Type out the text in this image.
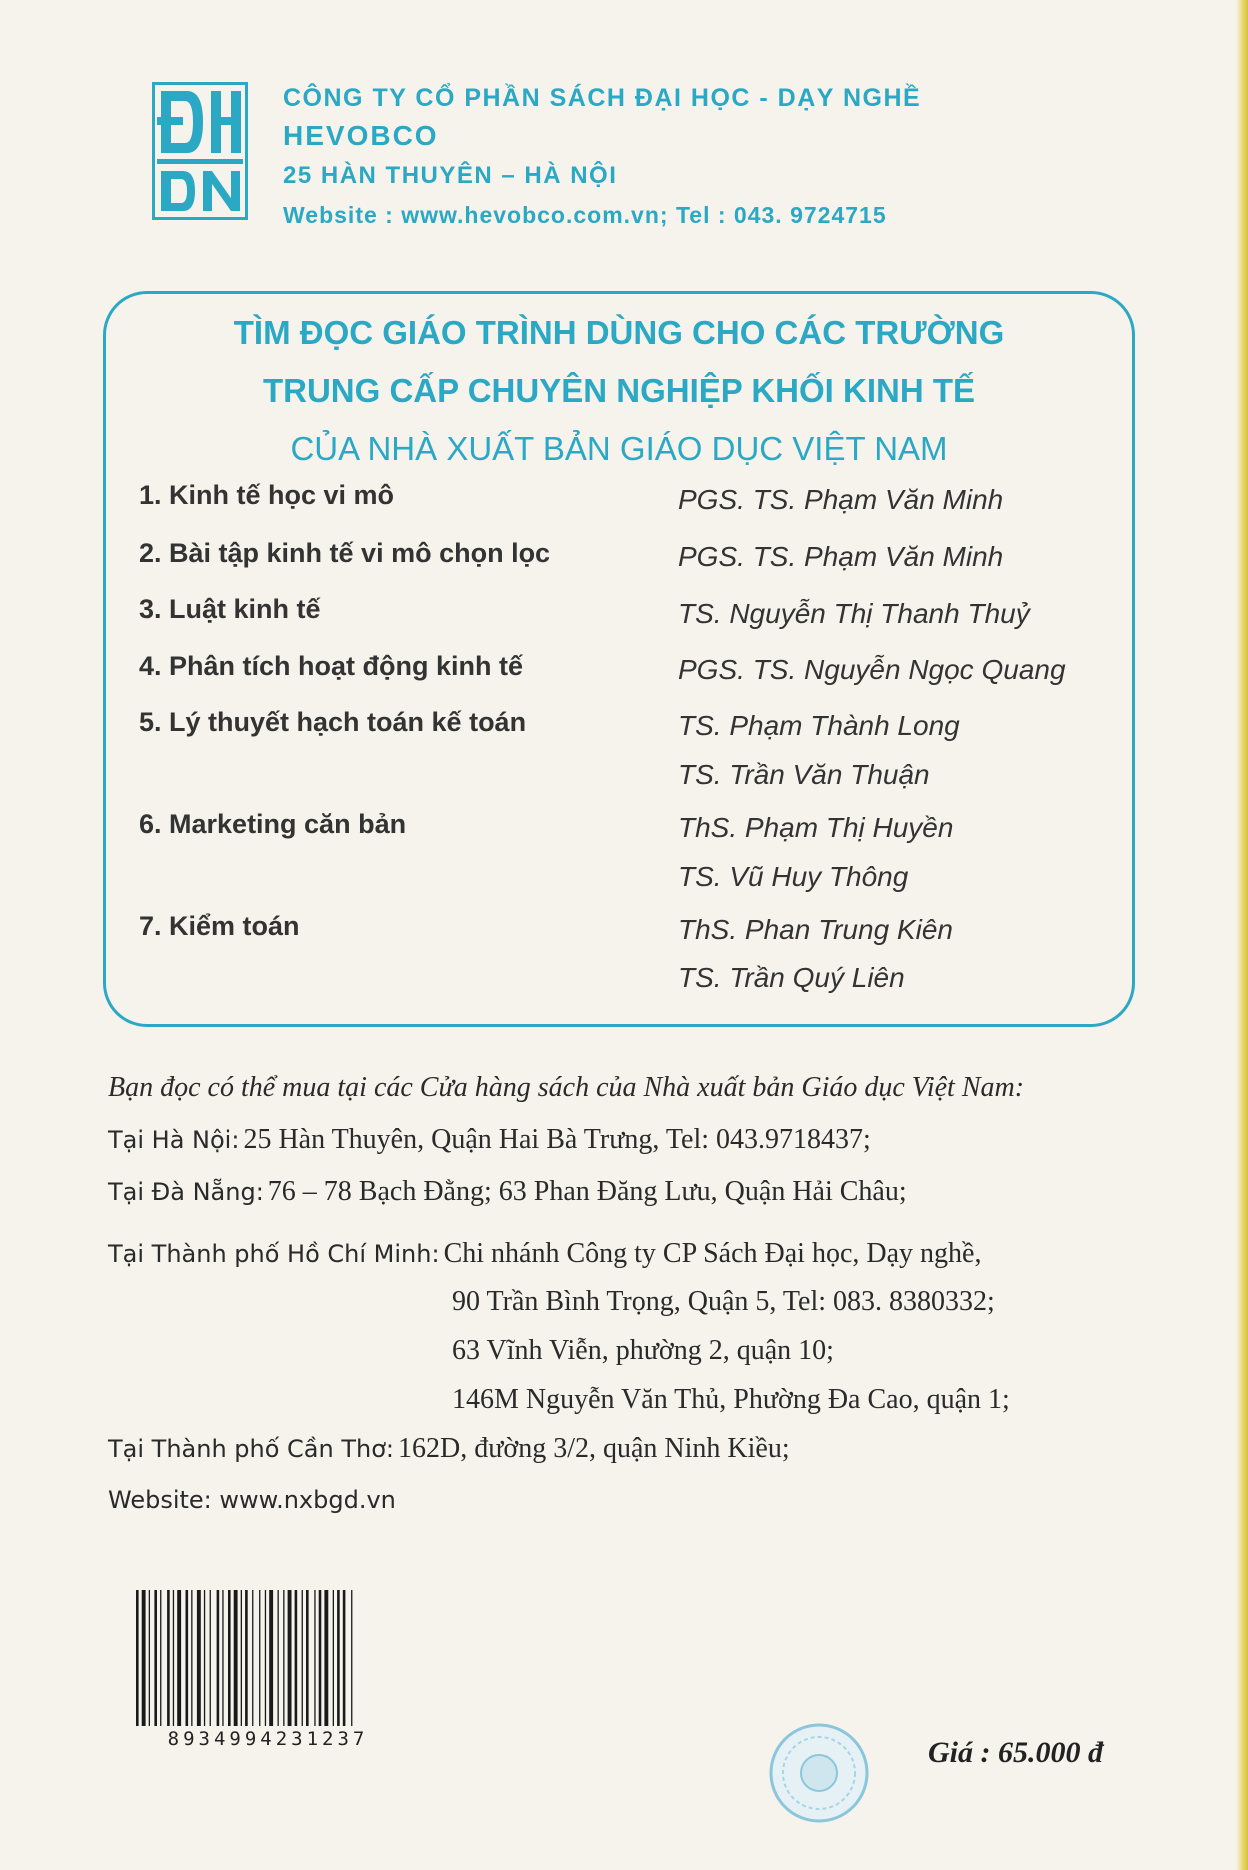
CÔNG TY CỔ PHẦN SÁCH ĐẠI HỌC - DẠY NGHỀ
HEVOBCO
25 HÀN THUYÊN – HÀ NỘI
Website : www.hevobco.com.vn; Tel : 043. 9724715
TÌM ĐỌC GIÁO TRÌNH DÙNG CHO CÁC TRƯỜNG
TRUNG CẤP CHUYÊN NGHIỆP KHỐI KINH TẾ
CỦA NHÀ XUẤT BẢN GIÁO DỤC VIỆT NAM
1. Kinh tế học vi mô	PGS. TS. Phạm Văn Minh
2. Bài tập kinh tế vi mô chọn lọc	PGS. TS. Phạm Văn Minh
3. Luật kinh tế	TS. Nguyễn Thị Thanh Thuỷ
4. Phân tích hoạt động kinh tế	PGS. TS. Nguyễn Ngọc Quang
5. Lý thuyết hạch toán kế toán	TS. Phạm Thành Long
TS. Trần Văn Thuận
6. Marketing căn bản	ThS. Phạm Thị Huyền
TS. Vũ Huy Thông
7. Kiểm toán	ThS. Phan Trung Kiên
TS. Trần Quý Liên
Bạn đọc có thể mua tại các Cửa hàng sách của Nhà xuất bản Giáo dục Việt Nam:
Tại Hà Nội: 25 Hàn Thuyên, Quận Hai Bà Trưng, Tel: 043.9718437;
Tại Đà Nẵng: 76 – 78 Bạch Đằng; 63 Phan Đăng Lưu, Quận Hải Châu;
Tại Thành phố Hồ Chí Minh: Chi nhánh Công ty CP Sách Đại học, Dạy nghề,
90 Trần Bình Trọng, Quận 5, Tel: 083. 8380332;
63 Vĩnh Viễn, phường 2, quận 10;
146M Nguyễn Văn Thủ, Phường Đa Cao, quận 1;
Tại Thành phố Cần Thơ: 162D, đường 3/2, quận Ninh Kiều;
Website: www.nxbgd.vn
8934994231237	Giá : 65.000 đ
